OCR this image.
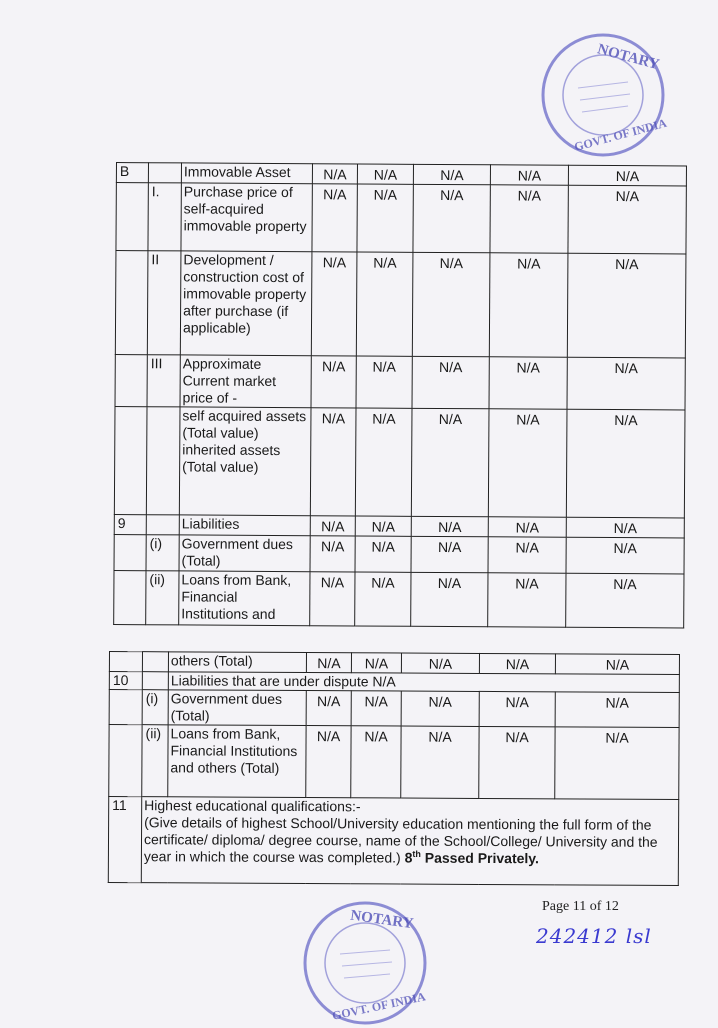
NOTARY
GOVT. OF INDIA
B		Immovable Asset	N/A	N/A	N/A	N/A	N/A
	I.	Purchase price of self-acquired immovable property	N/A	N/A	N/A	N/A	N/A
	II	Development / construction cost of immovable property after purchase (if applicable)	N/A	N/A	N/A	N/A	N/A
	III	Approximate Current market price of -	N/A	N/A	N/A	N/A	N/A
		self acquired assets (Total value) inherited assets (Total value)	N/A	N/A	N/A	N/A	N/A
9		Liabilities	N/A	N/A	N/A	N/A	N/A
	(i)	Government dues (Total)	N/A	N/A	N/A	N/A	N/A
	(ii)	Loans from Bank, Financial Institutions and	N/A	N/A	N/A	N/A	N/A
		others (Total)	N/A	N/A	N/A	N/A	N/A
10		Liabilities that are under dispute N/A					
	(i)	Government dues (Total)	N/A	N/A	N/A	N/A	N/A
	(ii)	Loans from Bank, Financial Institutions and others (Total)	N/A	N/A	N/A	N/A	N/A
11	Highest educational qualifications:-
(Give details of highest School/University education mentioning the full form of the certificate/ diploma/ degree course, name of the School/College/ University and the year in which the course was completed.) 8th Passed Privately.						
Page 11 of 12
242412 lsl
NOTARY
GOVT. OF INDIA
